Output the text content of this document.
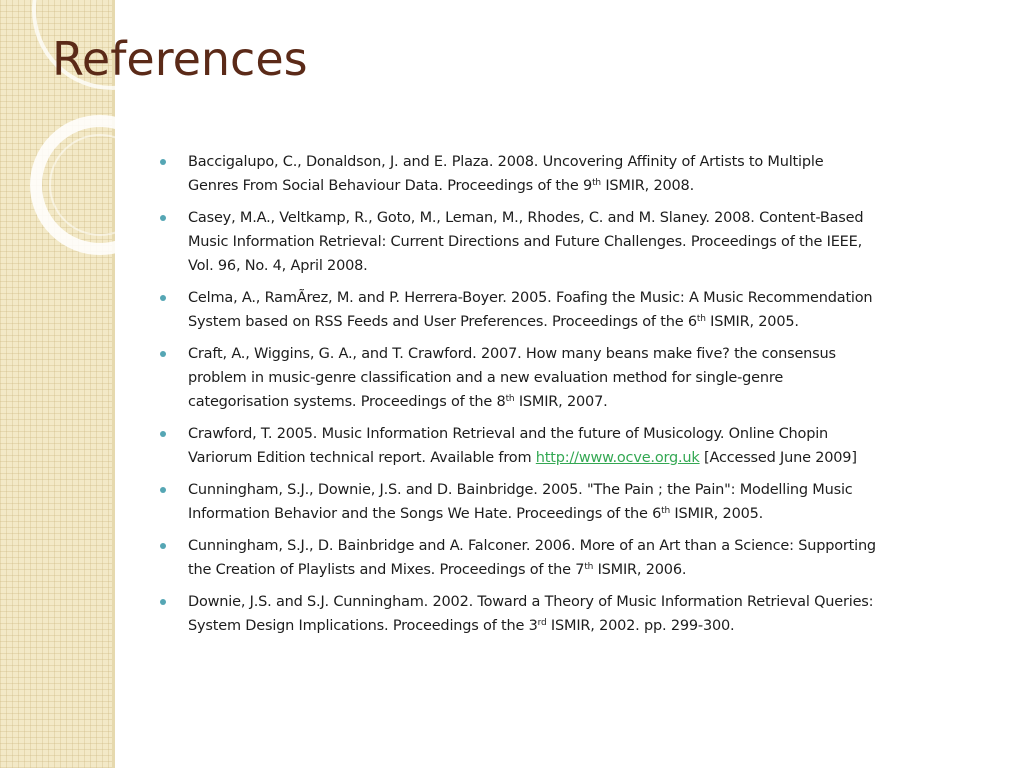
References
Baccigalupo, C., Donaldson, J. and E. Plaza. 2008. Uncovering Affinity of Artists to Multiple
Genres From Social Behaviour Data. Proceedings of the 9th ISMIR, 2008.
Casey, M.A., Veltkamp, R., Goto, M., Leman, M., Rhodes, C. and M. Slaney. 2008. Content-Based
Music Information Retrieval: Current Directions and Future Challenges. Proceedings of the IEEE,
Vol. 96, No. 4, April 2008.
Celma, A., RamÃrez, M. and P. Herrera-Boyer. 2005. Foafing the Music: A Music Recommendation
System based on RSS Feeds and User Preferences. Proceedings of the 6th ISMIR, 2005.
Craft, A., Wiggins, G. A., and T. Crawford. 2007. How many beans make five? the consensus
problem in music-genre classification and a new evaluation method for single-genre
categorisation systems. Proceedings of the 8th ISMIR, 2007.
Crawford, T. 2005. Music Information Retrieval and the future of Musicology. Online Chopin
Variorum Edition technical report. Available from http://www.ocve.org.uk [Accessed June 2009]
Cunningham, S.J., Downie, J.S. and D. Bainbridge. 2005. "The Pain ; the Pain": Modelling Music
Information Behavior and the Songs We Hate. Proceedings of the 6th ISMIR, 2005.
Cunningham, S.J., D. Bainbridge and A. Falconer. 2006. More of an Art than a Science: Supporting
the Creation of Playlists and Mixes. Proceedings of the 7th ISMIR, 2006.
Downie, J.S. and S.J. Cunningham. 2002. Toward a Theory of Music Information Retrieval Queries:
System Design Implications. Proceedings of the 3rd ISMIR, 2002. pp. 299-300.
